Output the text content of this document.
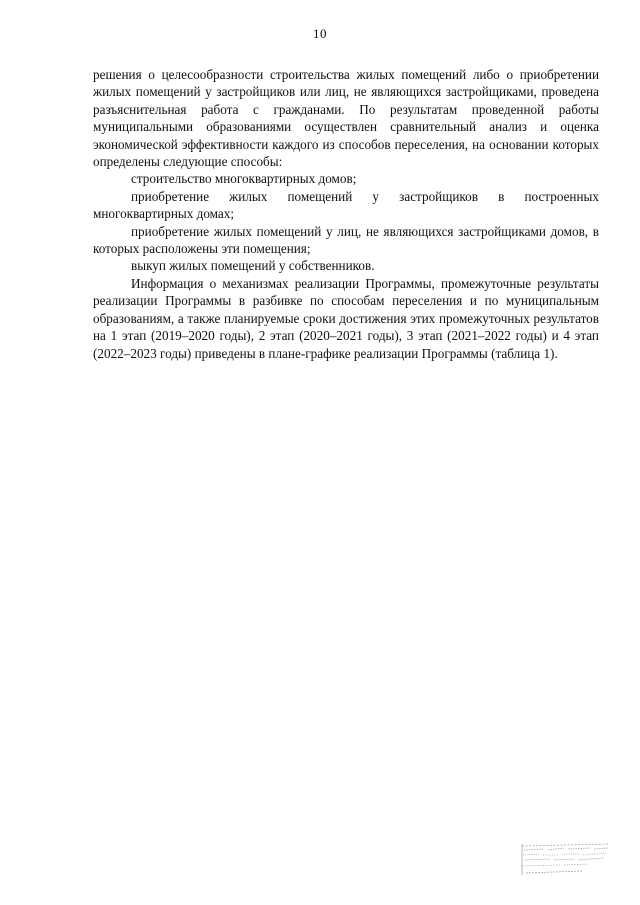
10

решения о целесообразности строительства жилых помещений либо о приобретении жилых помещений у застройщиков или лиц, не являющихся застройщиками, проведена разъяснительная работа с гражданами. По результатам проведенной работы муниципальными образованиями осуществлен сравнительный анализ и оценка экономической эффективности каждого из способов переселения, на основании которых определены следующие способы:

строительство многоквартирных домов;

приобретение жилых помещений у застройщиков в построенных многоквартирных домах;

приобретение жилых помещений у лиц, не являющихся застройщиками домов, в которых расположены эти помещения;

выкуп жилых помещений у собственников.

Информация о механизмах реализации Программы, промежуточные результаты реализации Программы в разбивке по способам переселения и по муниципальным образованиям, а также планируемые сроки достижения этих промежуточных результатов на 1 этап (2019–2020 годы), 2 этап (2020–2021 годы), 3 этап (2021–2022 годы) и 4 этап (2022–2023 годы) приведены в плане-графике реализации Программы (таблица 1).
